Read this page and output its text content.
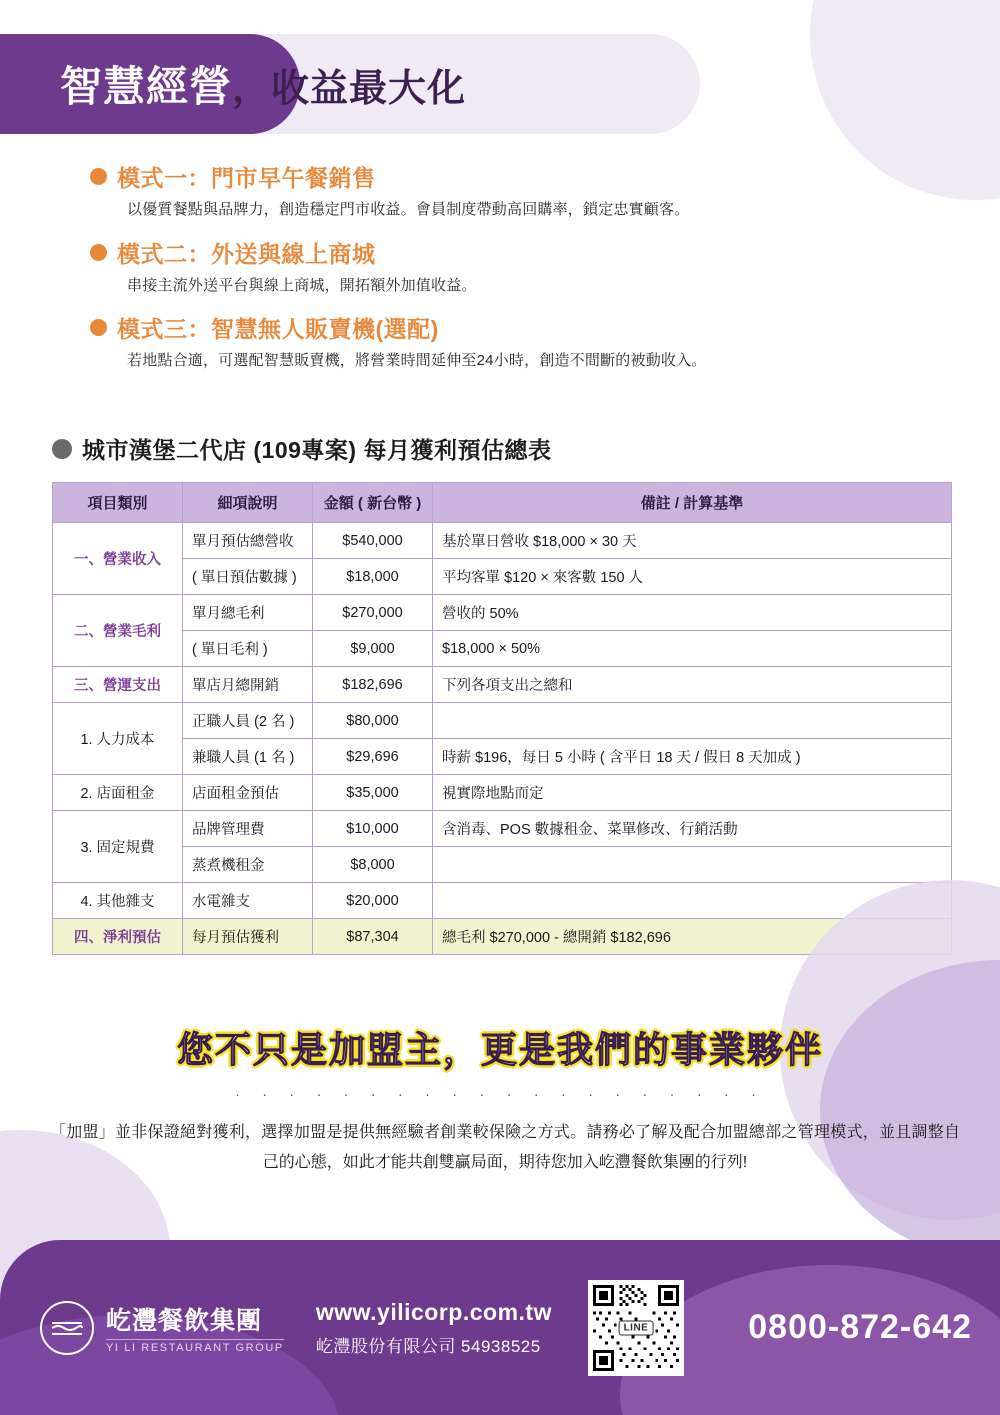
智慧經營 ，收益最大化
模式一：門市早午餐銷售
以優質餐點與品牌力，創造穩定門市收益。會員制度帶動高回購率，鎖定忠實顧客。
模式二：外送與線上商城
串接主流外送平台與線上商城，開拓額外加值收益。
模式三：智慧無人販賣機(選配)
若地點合適，可選配智慧販賣機，將營業時間延伸至24小時，創造不間斷的被動收入。
城市漢堡二代店 (109專案) 每月獲利預估總表
項目類別	細項說明	金額 ( 新台幣 )	備註 / 計算基準
一、營業收入	單月預估總營收	$540,000	基於單日營收 $18,000 × 30 天
	( 單日預估數據 )	$18,000	平均客單 $120 × 來客數 150 人
二、營業毛利	單月總毛利	$270,000	營收的 50%
	( 單日毛利 )	$9,000	$18,000 × 50%
三、營運支出	單店月總開銷	$182,696	下列各項支出之總和
1. 人力成本	正職人員 (2 名 )	$80,000	
	兼職人員 (1 名 )	$29,696	時薪 $196，每日 5 小時 ( 含平日 18 天 / 假日 8 天加成 )
2. 店面租金	店面租金預估	$35,000	視實際地點而定
3. 固定規費	品牌管理費	$10,000	含消毒、POS 數據租金、菜單修改、行銷活動
	蒸煮機租金	$8,000	
4. 其他雜支	水電雜支	$20,000	
四、淨利預估	每月預估獲利	$87,304	總毛利 $270,000 - 總開銷 $182,696
您不只是加盟主，更是我們的事業夥伴
· · · · · · · · · · · · · · · · · · · ·

「加盟」並非保證絕對獲利，選擇加盟是提供無經驗者創業較保險之方式。請務必了解及配合加盟總部之管理模式，並且調整自己的心態，如此才能共創雙贏局面，期待您加入屹灃餐飲集團的行列!

屹灃餐飲集團
YI LI RESTAURANT GROUP
www.yilicorp.com.tw
屹灃股份有限公司 54938525
LINE	0800-872-642
